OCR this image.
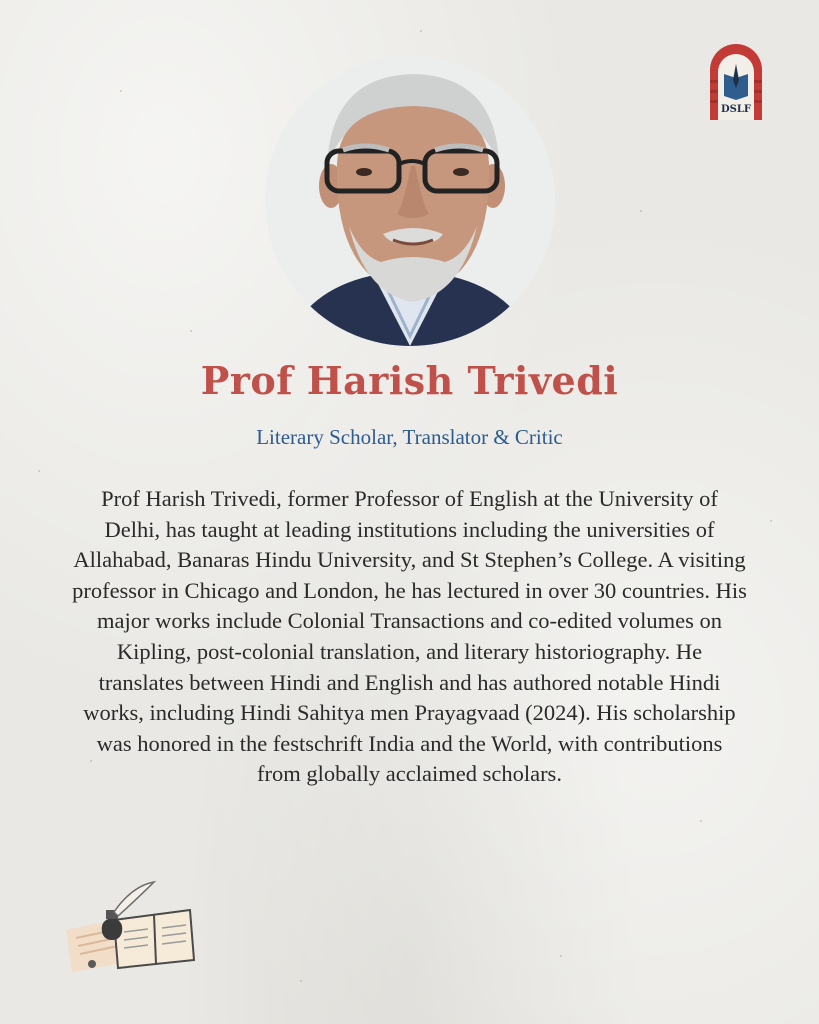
DSLF
Prof Harish Trivedi

Literary Scholar, Translator & Critic

Prof Harish Trivedi, former Professor of English at the University of Delhi, has taught at leading institutions including the universities of Allahabad, Banaras Hindu University, and St Stephen’s College. A visiting professor in Chicago and London, he has lectured in over 30 countries. His major works include Colonial Transactions and co-edited volumes on Kipling, post-colonial translation, and literary historiography. He translates between Hindi and English and has authored notable Hindi works, including Hindi Sahitya men Prayagvaad (2024). His scholarship was honored in the festschrift India and the World, with contributions from globally acclaimed scholars.
